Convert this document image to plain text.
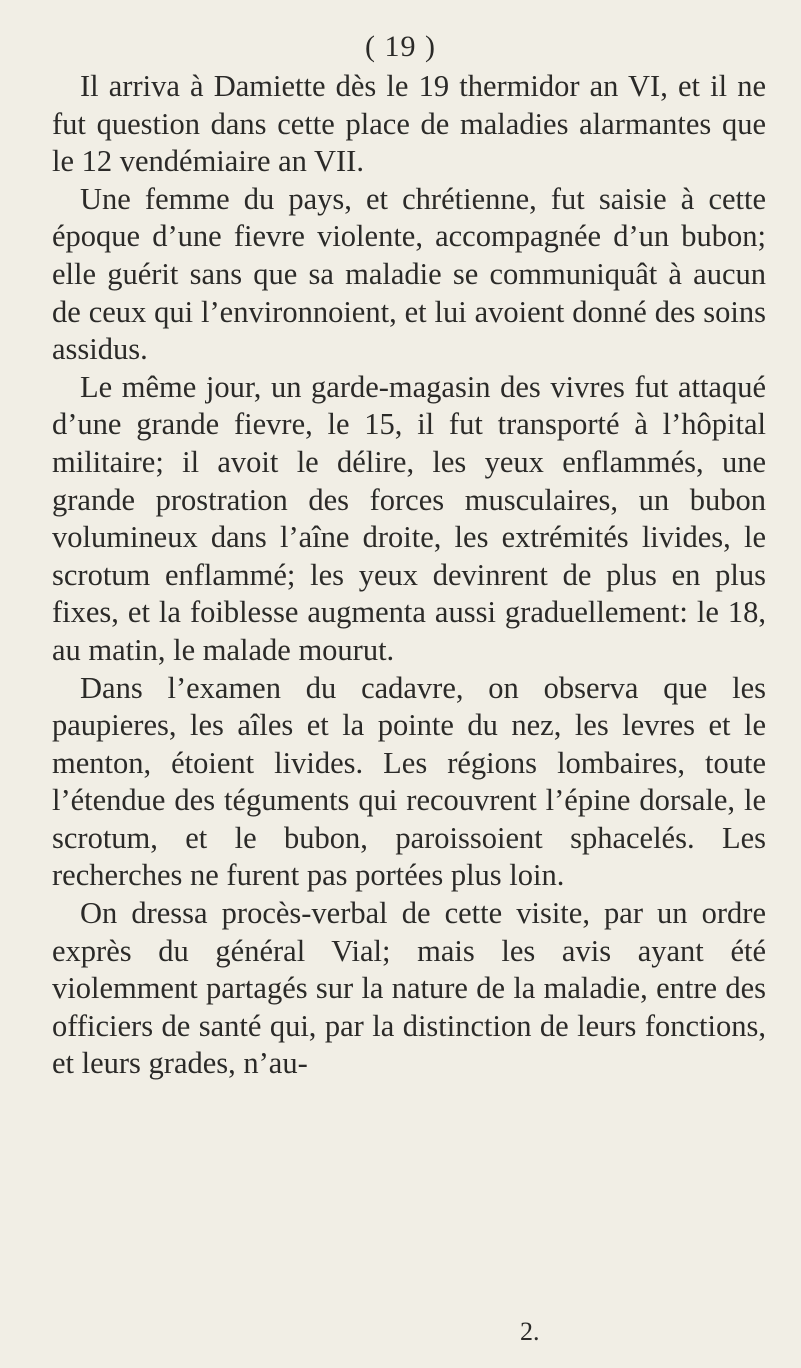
( 19 )

Il arriva à Damiette dès le 19 thermidor an VI, et il ne fut question dans cette place de maladies alarmantes que le 12 vendémiaire an VII.

Une femme du pays, et chrétienne, fut saisie à cette époque d’une fievre violente, accompagnée d’un bubon; elle guérit sans que sa maladie se communiquât à aucun de ceux qui l’environnoient, et lui avoient donné des soins assidus.

Le même jour, un garde-magasin des vivres fut attaqué d’une grande fievre, le 15, il fut transporté à l’hôpital militaire; il avoit le délire, les yeux enflammés, une grande prostration des forces musculaires, un bubon volumineux dans l’aîne droite, les extrémités livides, le scrotum enflammé; les yeux devinrent de plus en plus fixes, et la foiblesse augmenta aussi graduellement: le 18, au matin, le malade mourut.

Dans l’examen du cadavre, on observa que les paupieres, les aîles et la pointe du nez, les levres et le menton, étoient livides. Les régions lombaires, toute l’étendue des téguments qui recouvrent l’épine dorsale, le scrotum, et le bubon, paroissoient sphacelés. Les recherches ne furent pas portées plus loin.

On dressa procès-verbal de cette visite, par un ordre exprès du général Vial; mais les avis ayant été violemment partagés sur la nature de la maladie, entre des officiers de santé qui, par la distinction de leurs fonctions, et leurs grades, n’au-

2.
